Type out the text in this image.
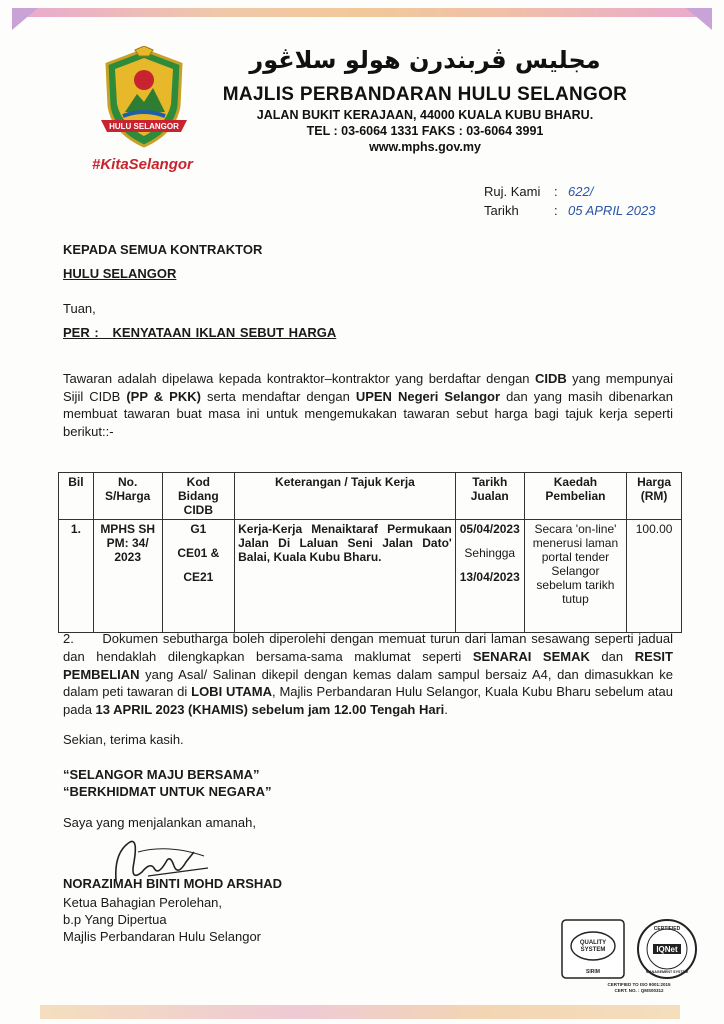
HULU SELANGOR
#KitaSelangor
مجليس ڤربندرن هولو سلاڠور
MAJLIS PERBANDARAN HULU SELANGOR
JALAN BUKIT KERAJAAN, 44000 KUALA KUBU BHARU.
TEL : 03-6064 1331 FAKS : 03-6064 3991
www.mphs.gov.my
Ruj. Kami	: 622/
Tarikh	: 05 APRIL 2023
KEPADA SEMUA KONTRAKTOR
HULU SELANGOR
Tuan,
PER :   KENYATAAN IKLAN SEBUT HARGA
Tawaran adalah dipelawa kepada kontraktor–kontraktor yang berdaftar dengan CIDB yang mempunyai Sijil CIDB (PP & PKK) serta mendaftar dengan UPEN Negeri Selangor dan yang masih dibenarkan membuat tawaran buat masa ini untuk mengemukakan tawaran sebut harga bagi tajuk kerja seperti berikut::-
Bil	No. S/Harga	Kod Bidang CIDB	Keterangan / Tajuk Kerja	Tarikh Jualan	Kaedah Pembelian	Harga (RM)
1.	MPHS SH PM: 34/ 2023	G1
CE01 &
CE21	Kerja-Kerja Menaiktaraf Permukaan Jalan Di Laluan Seni Jalan Dato' Balai, Kuala Kubu Bharu.	05/04/2023
Sehingga
13/04/2023	Secara 'on-line' menerusi laman portal tender Selangor sebelum tarikh tutup	100.00
2.      Dokumen sebutharga boleh diperolehi dengan memuat turun dari laman sesawang seperti jadual dan hendaklah dilengkapkan bersama-sama maklumat seperti SENARAI SEMAK dan RESIT PEMBELIAN yang Asal/ Salinan dikepil dengan kemas dalam sampul bersaiz A4, dan dimasukkan ke dalam peti tawaran di LOBI UTAMA, Majlis Perbandaran Hulu Selangor, Kuala Kubu Bharu sebelum atau pada 13 APRIL 2023 (KHAMIS) sebelum jam 12.00 Tengah Hari.
Sekian, terima kasih.
“SELANGOR MAJU BERSAMA”
“BERKHIDMAT UNTUK NEGARA”
Saya yang menjalankan amanah,
NORAZIMAH BINTI MOHD ARSHAD
Ketua Bahagian Perolehan,
b.p Yang Dipertua
Majlis Perbandaran Hulu Selangor	QUALITY
SYSTEM
SIRIM
CERTIFIED
IQNet
MANAGEMENT SYSTEM
CERTIFIED TO ISO 9001:2015
CERT. NO. : QMS00312
